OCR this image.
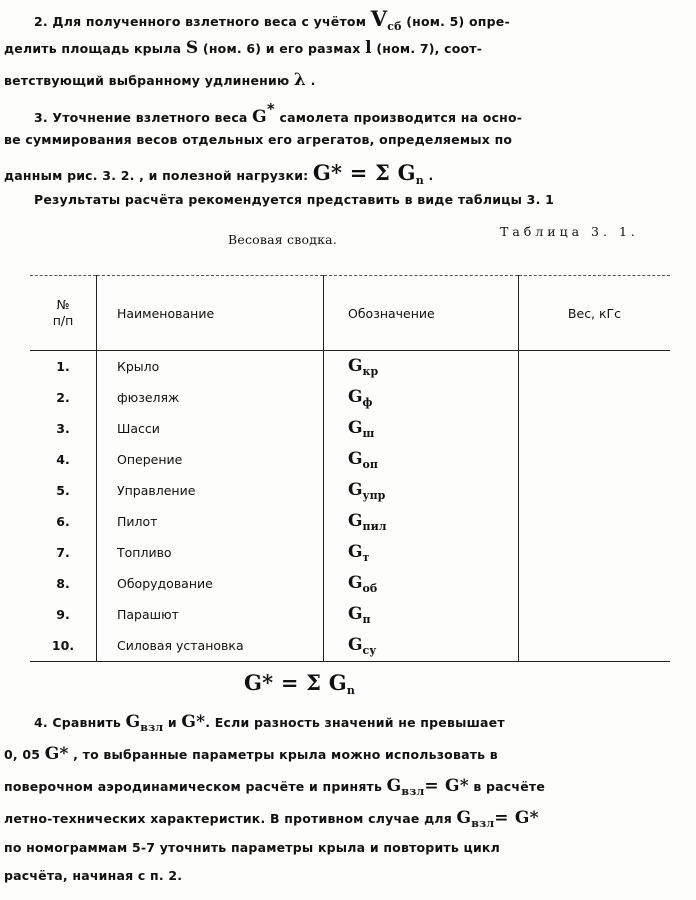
2. Для полученного взлетного веса с учётом $V_{cб}$ (ном. 5) опре-
делить площадь крыла S (ном. 6) и его размах l (ном. 7), соот-
ветствующий выбранному удлинению λ .
3. Уточнение взлетного веса G* самолета производится на осно-
ве суммирования весов отдельных его агрегатов, определяемых по
данным рис. 3. 2. , и полезной нагрузки: G* = Σ $G_n$ .
Результаты расчёта рекомендуется представить в виде таблицы 3. 1
Весовая сводка.
Таблица 3. 1.
№
п/п	Наименование	Обозначение	Вес, кГс
1.	Крыло	$G_{кр}$	
2.	фюзеляж	$G_ф$	
3.	Шасси	$G_ш$	
4.	Оперение	$G_{оп}$	
5.	Управление	$G_{упр}$	
6.	Пилот	$G_{пил}$	
7.	Топливо	$G_т$	
8.	Оборудование	$G_{об}$	
9.	Парашют	$G_п$	
10.	Силовая установка	$G_{су}$	
G* = Σ $G_n$
4. Сравнить $G_{взл}$ и G*. Если разность значений не превышает
0, 05 G* , то выбранные параметры крыла можно использовать в
поверочном аэродинамическом расчёте и принять $G_{взл}= G*$ в расчёте
летно-технических характеристик. В противном случае для $G_{взл}= G*$
по номограммам 5-7 уточнить параметры крыла и повторить цикл
расчёта, начиная с п. 2.
